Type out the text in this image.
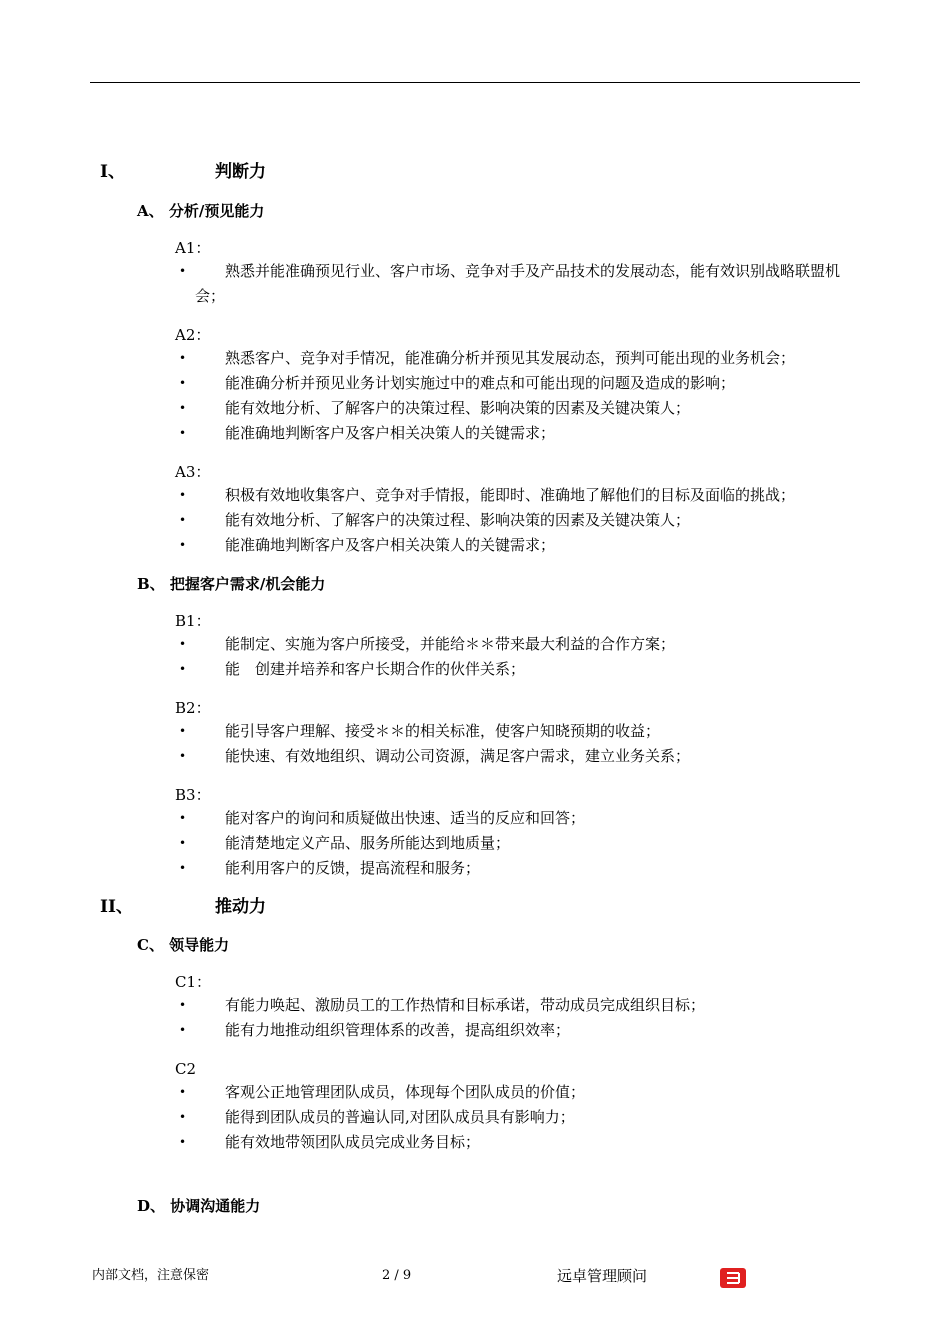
I、	判断力
A、 分析/预见能力
A1：
•	熟悉并能准确预见行业、客户市场、竞争对手及产品技术的发展动态，能有效识别战略联盟机会；
A2：
•	熟悉客户、竞争对手情况，能准确分析并预见其发展动态，预判可能出现的业务机会；
•	能准确分析并预见业务计划实施过中的难点和可能出现的问题及造成的影响；
•	能有效地分析、了解客户的决策过程、影响决策的因素及关键决策人；
•	能准确地判断客户及客户相关决策人的关键需求；
A3：
•	积极有效地收集客户、竞争对手情报，能即时、准确地了解他们的目标及面临的挑战；
•	能有效地分析、了解客户的决策过程、影响决策的因素及关键决策人；
•	能准确地判断客户及客户相关决策人的关键需求；
B、 把握客户需求/机会能力
B1：
•	能制定、实施为客户所接受，并能给＊＊带来最大利益的合作方案；
•	能　创建并培养和客户长期合作的伙伴关系；
B2：
•	能引导客户理解、接受＊＊的相关标准，使客户知晓预期的收益；
•	能快速、有效地组织、调动公司资源，满足客户需求，建立业务关系；
B3：
•	能对客户的询问和质疑做出快速、适当的反应和回答；
•	能清楚地定义产品、服务所能达到地质量；
•	能利用客户的反馈，提高流程和服务；
II、	推动力
C、 领导能力
C1：
•	有能力唤起、激励员工的工作热情和目标承诺，带动成员完成组织目标；
•	能有力地推动组织管理体系的改善，提高组织效率；
C2
•	客观公正地管理团队成员，体现每个团队成员的价值；
•	能得到团队成员的普遍认同,对团队成员具有影响力；
•	能有效地带领团队成员完成业务目标；
D、 协调沟通能力
内部文档，注意保密	2 / 9	远卓管理顾问
